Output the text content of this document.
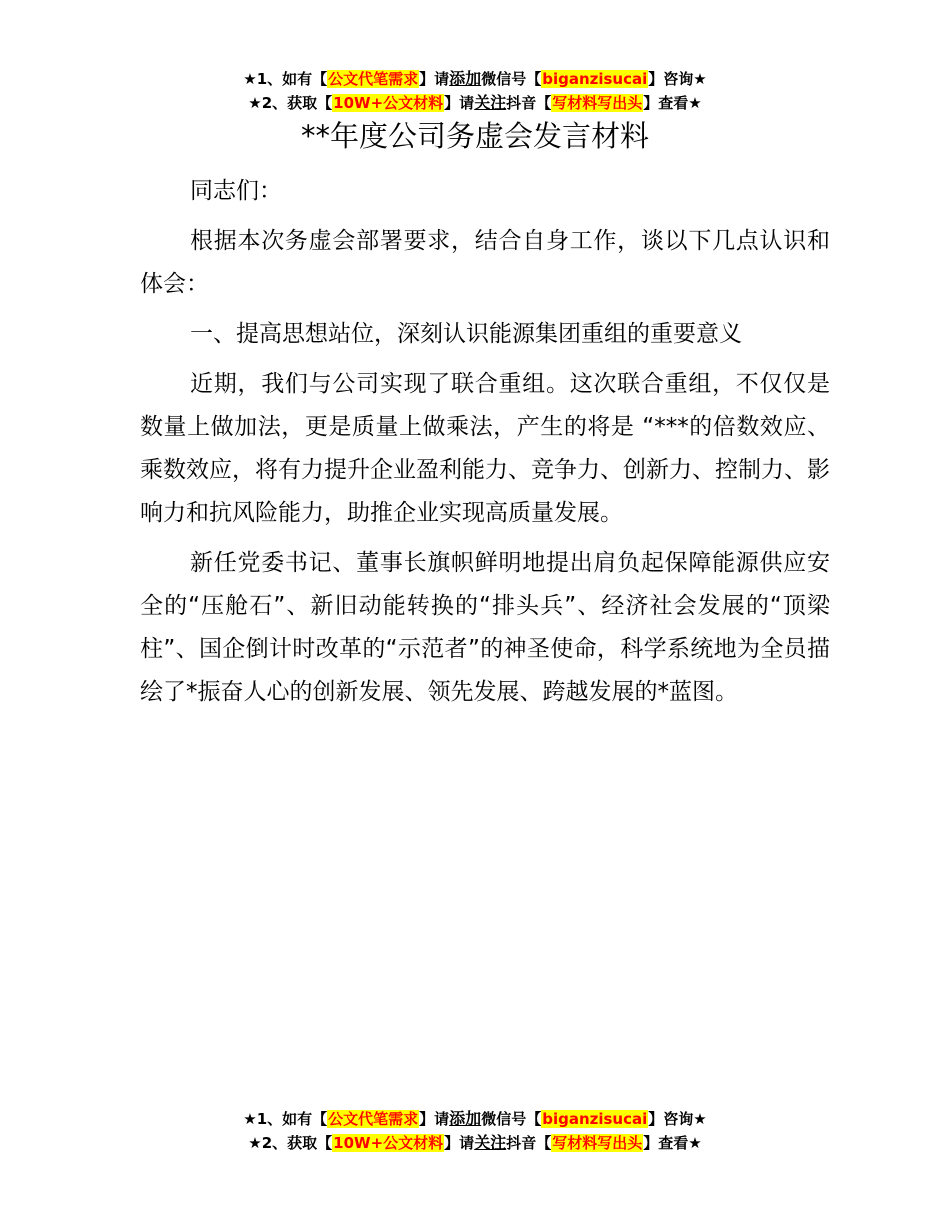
★1、如有【公文代笔需求】请添加微信号【biganzisucai】咨询★
★2、获取【10W+公文材料】请关注抖音【写材料写出头】查看★
**年度公司务虚会发言材料

同志们：

根据本次务虚会部署要求，结合自身工作，谈以下几点认识和体会：

一、提高思想站位，深刻认识能源集团重组的重要意义

近期，我们与公司实现了联合重组。这次联合重组，不仅仅是数量上做加法，更是质量上做乘法，产生的将是 “***的倍数效应、乘数效应，将有力提升企业盈利能力、竞争力、创新力、控制力、影响力和抗风险能力，助推企业实现高质量发展。

新任党委书记、董事长旗帜鲜明地提出肩负起保障能源供应安全的“压舱石”、新旧动能转换的“排头兵”、经济社会发展的“顶梁柱”、国企倒计时改革的“示范者”的神圣使命，科学系统地为全员描绘了*振奋人心的创新发展、领先发展、跨越发展的*蓝图。

★1、如有【公文代笔需求】请添加微信号【biganzisucai】咨询★
★2、获取【10W+公文材料】请关注抖音【写材料写出头】查看★
